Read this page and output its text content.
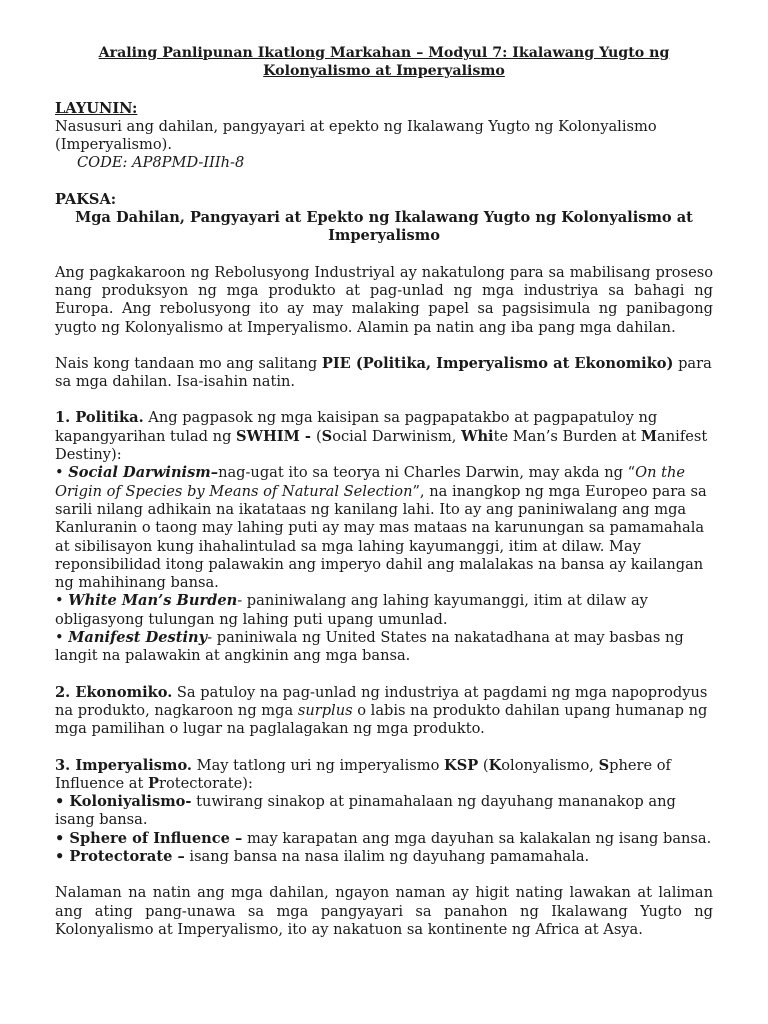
Araling Panlipunan Ikatlong Markahan – Modyul 7: Ikalawang Yugto ng
Kolonyalismo at Imperyalismo

LAYUNIN:

Nasusuri ang dahilan, pangyayari at epekto ng Ikalawang Yugto ng Kolonyalismo (Imperyalismo).

CODE: AP8PMD-IIIh-8

PAKSA:

Mga Dahilan, Pangyayari at Epekto ng Ikalawang Yugto ng Kolonyalismo at Imperyalismo

Ang pagkakaroon ng Rebolusyong Industriyal ay nakatulong para sa mabilisang proseso nang produksyon ng mga produkto at pag-unlad ng mga industriya sa bahagi ng Europa. Ang rebolusyong ito ay may malaking papel sa pagsisimula ng panibagong yugto ng Kolonyalismo at Imperyalismo. Alamin pa natin ang iba pang mga dahilan.

Nais kong tandaan mo ang salitang PIE (Politika, Imperyalismo at Ekonomiko) para sa mga dahilan. Isa-isahin natin.

1. Politika. Ang pagpasok ng mga kaisipan sa pagpapatakbo at pagpapatuloy ng kapangyarihan tulad ng SWHIM - (Social Darwinism, White Man’s Burden at Manifest Destiny):

• Social Darwinism–nag-ugat ito sa teorya ni Charles Darwin, may akda ng “On the Origin of Species by Means of Natural Selection”, na inangkop ng mga Europeo para sa sarili nilang adhikain na ikatataas ng kanilang lahi. Ito ay ang paniniwalang ang mga Kanluranin o taong may lahing puti ay may mas mataas na karunungan sa pamamahala at sibilisayon kung ihahalintulad sa mga lahing kayumanggi, itim at dilaw. May reponsibilidad itong palawakin ang imperyo dahil ang malalakas na bansa ay kailangan ng mahihinang bansa.

• White Man’s Burden- paniniwalang ang lahing kayumanggi, itim at dilaw ay obligasyong tulungan ng lahing puti upang umunlad.

• Manifest Destiny- paniniwala ng United States na nakatadhana at may basbas ng langit na palawakin at angkinin ang mga bansa.

2. Ekonomiko. Sa patuloy na pag-unlad ng industriya at pagdami ng mga napoprodyus na produkto, nagkaroon ng mga surplus o labis na produkto dahilan upang humanap ng mga pamilihan o lugar na paglalagakan ng mga produkto.

3. Imperyalismo. May tatlong uri ng imperyalismo KSP (Kolonyalismo, Sphere of Influence at Protectorate):

• Koloniyalismo- tuwirang sinakop at pinamahalaan ng dayuhang mananakop ang isang bansa.

• Sphere of Influence – may karapatan ang mga dayuhan sa kalakalan ng isang bansa.

• Protectorate – isang bansa na nasa ilalim ng dayuhang pamamahala.

Nalaman na natin ang mga dahilan, ngayon naman ay higit nating lawakan at laliman ang ating pang-unawa sa mga pangyayari sa panahon ng Ikalawang Yugto ng Kolonyalismo at Imperyalismo, ito ay nakatuon sa kontinente ng Africa at Asya.
